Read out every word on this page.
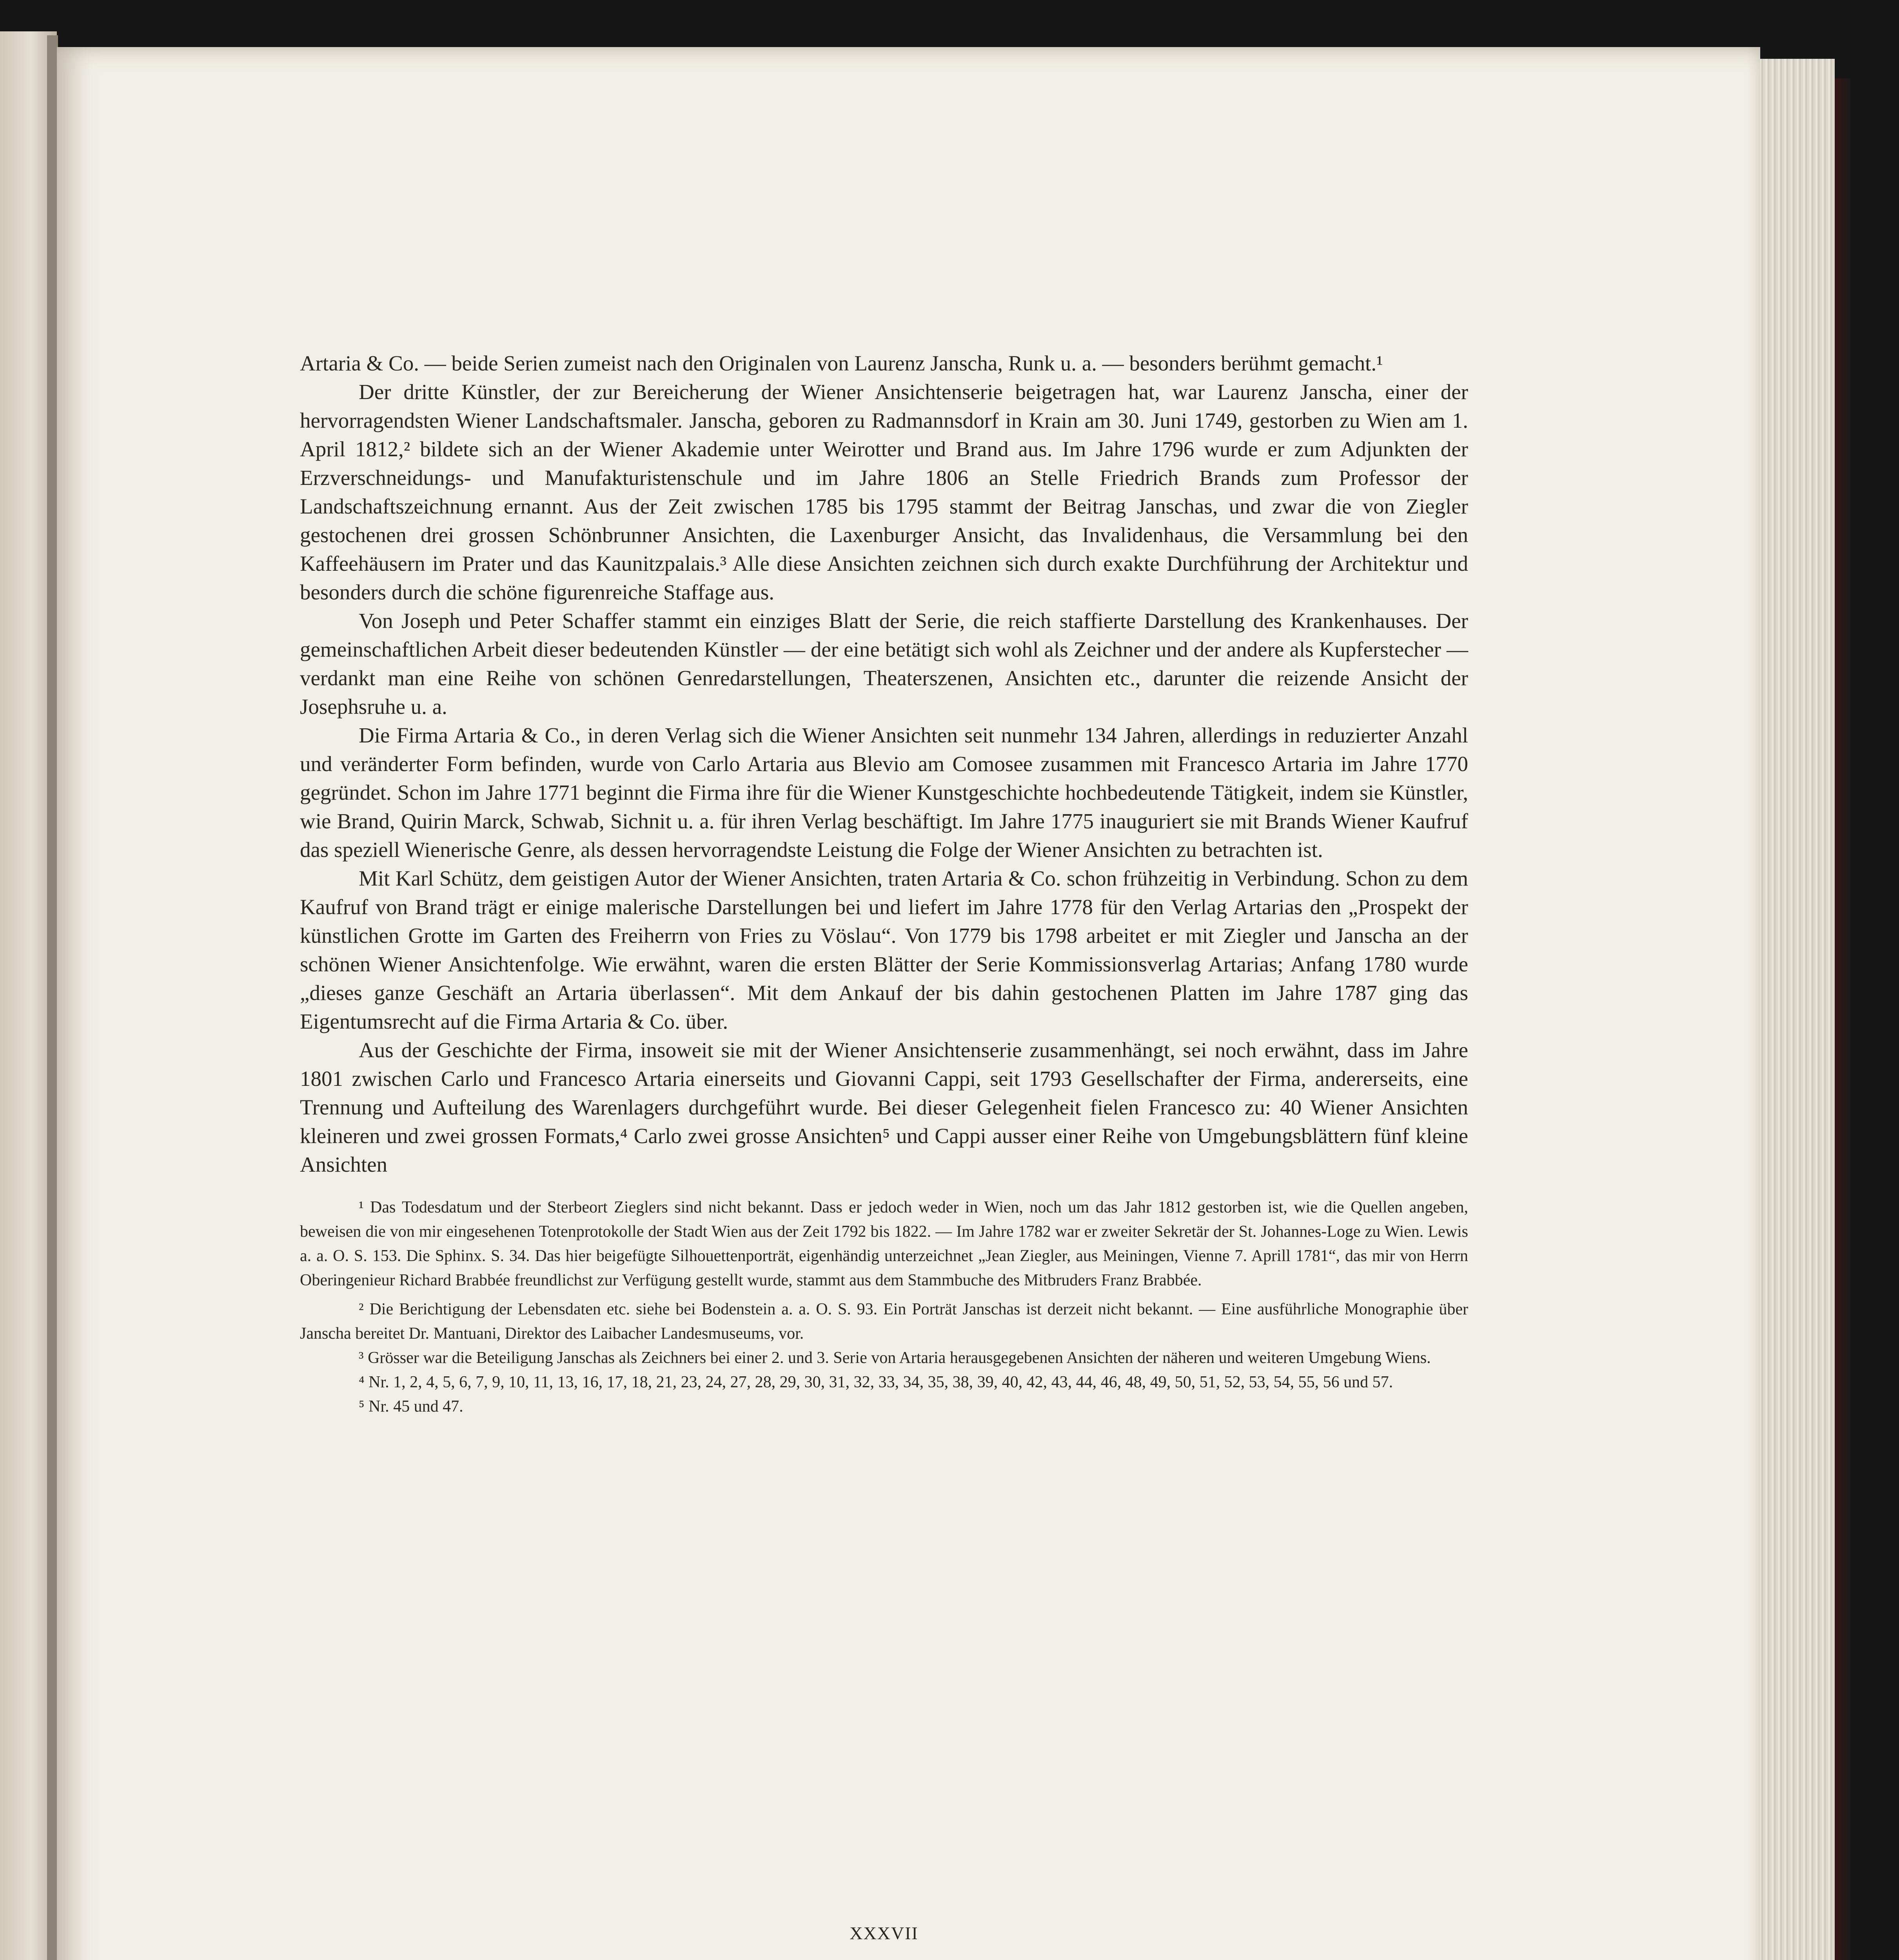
Artaria & Co. — beide Serien zumeist nach den Originalen von Laurenz Janscha, Runk u. a. — besonders berühmt gemacht.¹

Der dritte Künstler, der zur Bereicherung der Wiener Ansichtenserie beigetragen hat, war Laurenz Janscha, einer der hervorragendsten Wiener Landschaftsmaler. Janscha, geboren zu Radmannsdorf in Krain am 30. Juni 1749, gestorben zu Wien am 1. April 1812,² bildete sich an der Wiener Akademie unter Weirotter und Brand aus. Im Jahre 1796 wurde er zum Adjunkten der Erzverschneidungs- und Manufakturistenschule und im Jahre 1806 an Stelle Friedrich Brands zum Professor der Landschaftszeichnung ernannt. Aus der Zeit zwischen 1785 bis 1795 stammt der Beitrag Janschas, und zwar die von Ziegler gestochenen drei grossen Schönbrunner Ansichten, die Laxenburger Ansicht, das Invalidenhaus, die Versammlung bei den Kaffeehäusern im Prater und das Kaunitzpalais.³ Alle diese Ansichten zeichnen sich durch exakte Durchführung der Architektur und besonders durch die schöne figurenreiche Staffage aus.

Von Joseph und Peter Schaffer stammt ein einziges Blatt der Serie, die reich staffierte Darstellung des Krankenhauses. Der gemeinschaftlichen Arbeit dieser bedeutenden Künstler — der eine betätigt sich wohl als Zeichner und der andere als Kupferstecher — verdankt man eine Reihe von schönen Genredarstellungen, Theaterszenen, Ansichten etc., darunter die reizende Ansicht der Josephsruhe u. a.

Die Firma Artaria & Co., in deren Verlag sich die Wiener Ansichten seit nunmehr 134 Jahren, allerdings in reduzierter Anzahl und veränderter Form befinden, wurde von Carlo Artaria aus Blevio am Comosee zusammen mit Francesco Artaria im Jahre 1770 gegründet. Schon im Jahre 1771 beginnt die Firma ihre für die Wiener Kunstgeschichte hochbedeutende Tätigkeit, indem sie Künstler, wie Brand, Quirin Marck, Schwab, Sichnit u. a. für ihren Verlag beschäftigt. Im Jahre 1775 inauguriert sie mit Brands Wiener Kaufruf das speziell Wienerische Genre, als dessen hervorragendste Leistung die Folge der Wiener Ansichten zu betrachten ist.

Mit Karl Schütz, dem geistigen Autor der Wiener Ansichten, traten Artaria & Co. schon frühzeitig in Verbindung. Schon zu dem Kaufruf von Brand trägt er einige malerische Darstellungen bei und liefert im Jahre 1778 für den Verlag Artarias den „Prospekt der künstlichen Grotte im Garten des Freiherrn von Fries zu Vöslau“. Von 1779 bis 1798 arbeitet er mit Ziegler und Janscha an der schönen Wiener Ansichtenfolge. Wie erwähnt, waren die ersten Blätter der Serie Kommissionsverlag Artarias; Anfang 1780 wurde „dieses ganze Geschäft an Artaria überlassen“. Mit dem Ankauf der bis dahin gestochenen Platten im Jahre 1787 ging das Eigentumsrecht auf die Firma Artaria & Co. über.

Aus der Geschichte der Firma, insoweit sie mit der Wiener Ansichtenserie zusammenhängt, sei noch erwähnt, dass im Jahre 1801 zwischen Carlo und Francesco Artaria einerseits und Giovanni Cappi, seit 1793 Gesellschafter der Firma, andererseits, eine Trennung und Aufteilung des Warenlagers durchgeführt wurde. Bei dieser Gelegenheit fielen Francesco zu: 40 Wiener Ansichten kleineren und zwei grossen Formats,⁴ Carlo zwei grosse Ansichten⁵ und Cappi ausser einer Reihe von Umgebungsblättern fünf kleine Ansichten

¹ Das Todesdatum und der Sterbeort Zieglers sind nicht bekannt. Dass er jedoch weder in Wien, noch um das Jahr 1812 gestorben ist, wie die Quellen angeben, beweisen die von mir eingesehenen Totenprotokolle der Stadt Wien aus der Zeit 1792 bis 1822. — Im Jahre 1782 war er zweiter Sekretär der St. Johannes-Loge zu Wien. Lewis a. a. O. S. 153. Die Sphinx. S. 34. Das hier beigefügte Silhouettenporträt, eigenhändig unterzeichnet „Jean Ziegler, aus Meiningen, Vienne 7. Aprill 1781“, das mir von Herrn Oberingenieur Richard Brabbée freundlichst zur Verfügung gestellt wurde, stammt aus dem Stammbuche des Mitbruders Franz Brabbée.

² Die Berichtigung der Lebensdaten etc. siehe bei Bodenstein a. a. O. S. 93. Ein Porträt Janschas ist derzeit nicht bekannt. — Eine ausführliche Monographie über Janscha bereitet Dr. Mantuani, Direktor des Laibacher Landesmuseums, vor.

³ Grösser war die Beteiligung Janschas als Zeichners bei einer 2. und 3. Serie von Artaria herausgegebenen Ansichten der näheren und weiteren Umgebung Wiens.

⁴ Nr. 1, 2, 4, 5, 6, 7, 9, 10, 11, 13, 16, 17, 18, 21, 23, 24, 27, 28, 29, 30, 31, 32, 33, 34, 35, 38, 39, 40, 42, 43, 44, 46, 48, 49, 50, 51, 52, 53, 54, 55, 56 und 57.

⁵ Nr. 45 und 47.

XXXVII
